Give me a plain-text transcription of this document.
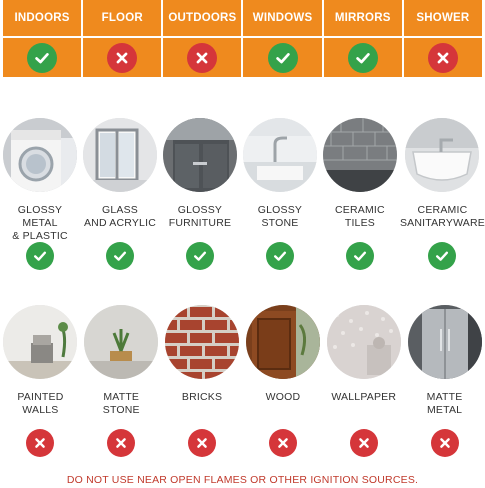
INDOORS	FLOOR	OUTDOORS	WINDOWS	MIRRORS	SHOWER
GLOSSY METAL
& PLASTIC
GLASS
AND ACRYLIC
GLOSSY
FURNITURE
GLOSSY
STONE
CERAMIC
TILES
CERAMIC
SANITARYWARE
PAINTED
WALLS
MATTE
STONE
BRICKS	WOOD	WALLPAPER	MATTE
METAL
DO NOT USE NEAR OPEN FLAMES OR OTHER IGNITION SOURCES.
